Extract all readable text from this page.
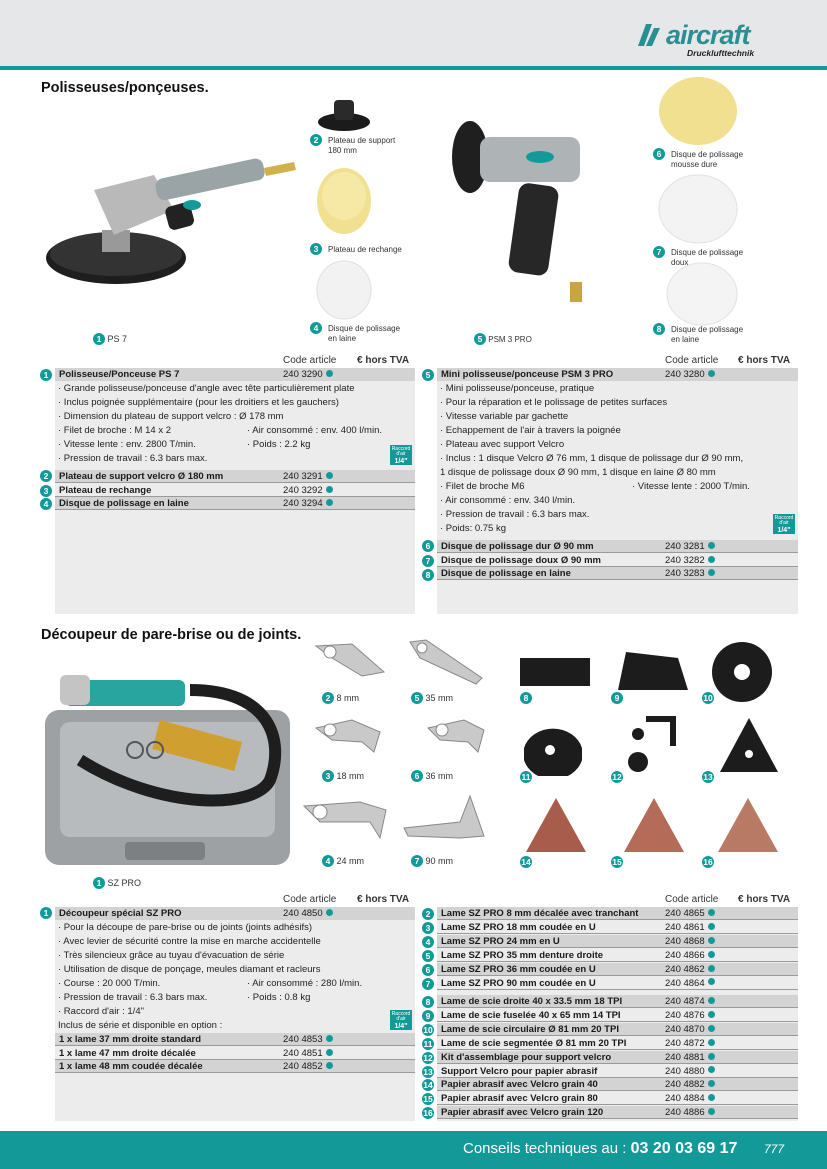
aircraft
Drucklufttechnik
Polisseuses/ponçeuses.
1 PS 7
2	Plateau de support 180 mm
3	Plateau de rechange
4	Disque de polissage en laine	5 PSM 3 PRO
6	Disque de polissage mousse dure
7	Disque de polissage doux
8	Disque de polissage en laine
Code article € hors TVA
Polisseuse/Ponceuse PS 7	240 3290
1
· Grande polisseuse/ponceuse d'angle avec tête particulièrement plate
· Inclus poignée supplémentaire (pour les droitiers et les gauchers)
· Dimension du plateau de support velcro : Ø 178 mm
· Filet de broche : M 14 x 2
· Vitesse lente : env. 2800 T/min.
· Pression de travail : 6.3 bars max.
· Air consommé : env. 400 l/min.
· Poids : 2.2 kg	Raccord d'air
1/4"
Plateau de support velcro Ø 180 mm	240 3291
2
Plateau de rechange	240 3292
3
Disque de polissage en laine	240 3294
4
Code article € hors TVA
Mini polisseuse/ponceuse PSM 3 PRO	240 3280
5
· Mini polisseuse/ponceuse, pratique
· Pour la réparation et le polissage de petites surfaces
· Vitesse variable par gachette
· Echappement de l'air à travers la poignée
· Plateau avec support Velcro
· Inclus : 1 disque Velcro Ø 76 mm, 1 disque de polissage dur Ø 90 mm,
1 disque de polissage doux Ø 90 mm, 1 disque en laine Ø 80 mm
· Filet de broche M6
· Air consommé : env. 340 l/min.
· Pression de travail : 6.3 bars max.
· Poids: 0.75 kg
· Vitesse lente : 2000 T/min.
Raccord d'air
1/4"
Disque de polissage dur Ø 90 mm	240 3281
6
Disque de polissage doux Ø 90 mm	240 3282
7
Disque de polissage en laine	240 3283
8
Découpeur de pare-brise ou de joints.
1 SZ PRO
2 8 mm
3 18 mm
4 24 mm
5 35 mm
6 36 mm
7 90 mm
8	9	10
11	12	13
14	15	16
Code article € hors TVA
Découpeur spécial SZ PRO	240 4850
1
· Pour la découpe de pare-brise ou de joints (joints adhésifs)
· Avec levier de sécurité contre la mise en marche accidentelle
· Très silencieux grâce au tuyau d'évacuation de série
· Utilisation de disque de ponçage, meules diamant et racleurs
· Course : 20 000 T/min.
· Pression de travail : 6.3 bars max.
· Raccord d'air : 1/4"
Inclus de série et disponible en option :
· Air consommé : 280 l/min.
· Poids : 0.8 kg
Raccord d'air
1/4"
1 x lame 37 mm droite standard	240 4853
1 x lame 47 mm droite décalée	240 4851
1 x lame 48 mm coudée décalée	240 4852
Code article € hors TVA
Lame SZ PRO 8 mm décalée avec tranchant	240 4865
2
Lame SZ PRO 18 mm coudée en U	240 4861
3
Lame SZ PRO 24 mm en U	240 4868
4
Lame SZ PRO 35 mm denture droite	240 4866
5
Lame SZ PRO 36 mm coudée en U	240 4862
6
Lame SZ PRO 90 mm coudée en U	240 4864
7
Lame de scie droite 40 x 33.5 mm 18 TPI	240 4874
8
Lame de scie fuselée 40 x 65 mm 14 TPI	240 4876
9
Lame de scie circulaire Ø 81 mm 20 TPI	240 4870
10
Lame de scie segmentée Ø 81 mm 20 TPI	240 4872
11
Kit d'assemblage pour support velcro	240 4881
12
Support Velcro pour papier abrasif	240 4880
13
Papier abrasif avec Velcro grain 40	240 4882
14
Papier abrasif avec Velcro grain 80	240 4884
15
Papier abrasif avec Velcro grain 120	240 4886
16
Conseils techniques au : 03 20 03 69 17 777
